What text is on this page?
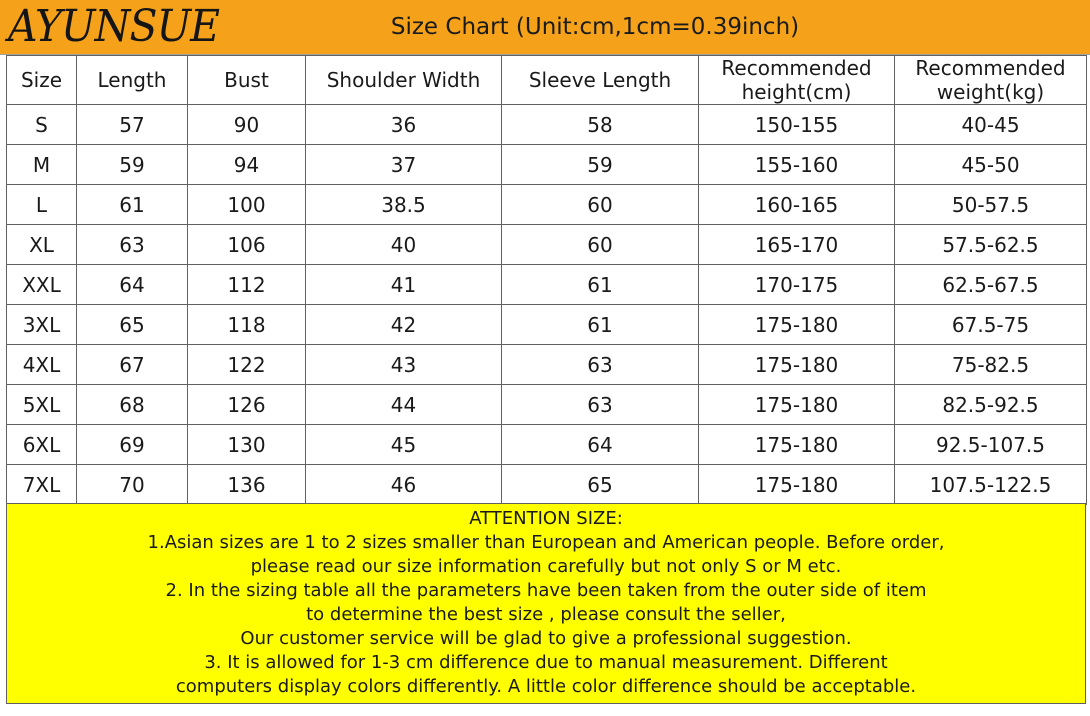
AYUNSUE	Size Chart (Unit:cm,1cm=0.39inch)
Size	Length	Bust	Shoulder Width	Sleeve Length	Recommended height(cm)	Recommended weight(kg)
S	57	90	36	58	150-155	40-45
M	59	94	37	59	155-160	45-50
L	61	100	38.5	60	160-165	50-57.5
XL	63	106	40	60	165-170	57.5-62.5
XXL	64	112	41	61	170-175	62.5-67.5
3XL	65	118	42	61	175-180	67.5-75
4XL	67	122	43	63	175-180	75-82.5
5XL	68	126	44	63	175-180	82.5-92.5
6XL	69	130	45	64	175-180	92.5-107.5
7XL	70	136	46	65	175-180	107.5-122.5
ATTENTION SIZE:
1.Asian sizes are 1 to 2 sizes smaller than European and American people. Before order,
please read our size information carefully but not only S or M etc.
2. In the sizing table all the parameters have been taken from the outer side of item
to determine the best size , please consult the seller,
Our customer service will be glad to give a professional suggestion.
3. It is allowed for 1-3 cm difference due to manual measurement. Different
computers display colors differently. A little color difference should be acceptable.
